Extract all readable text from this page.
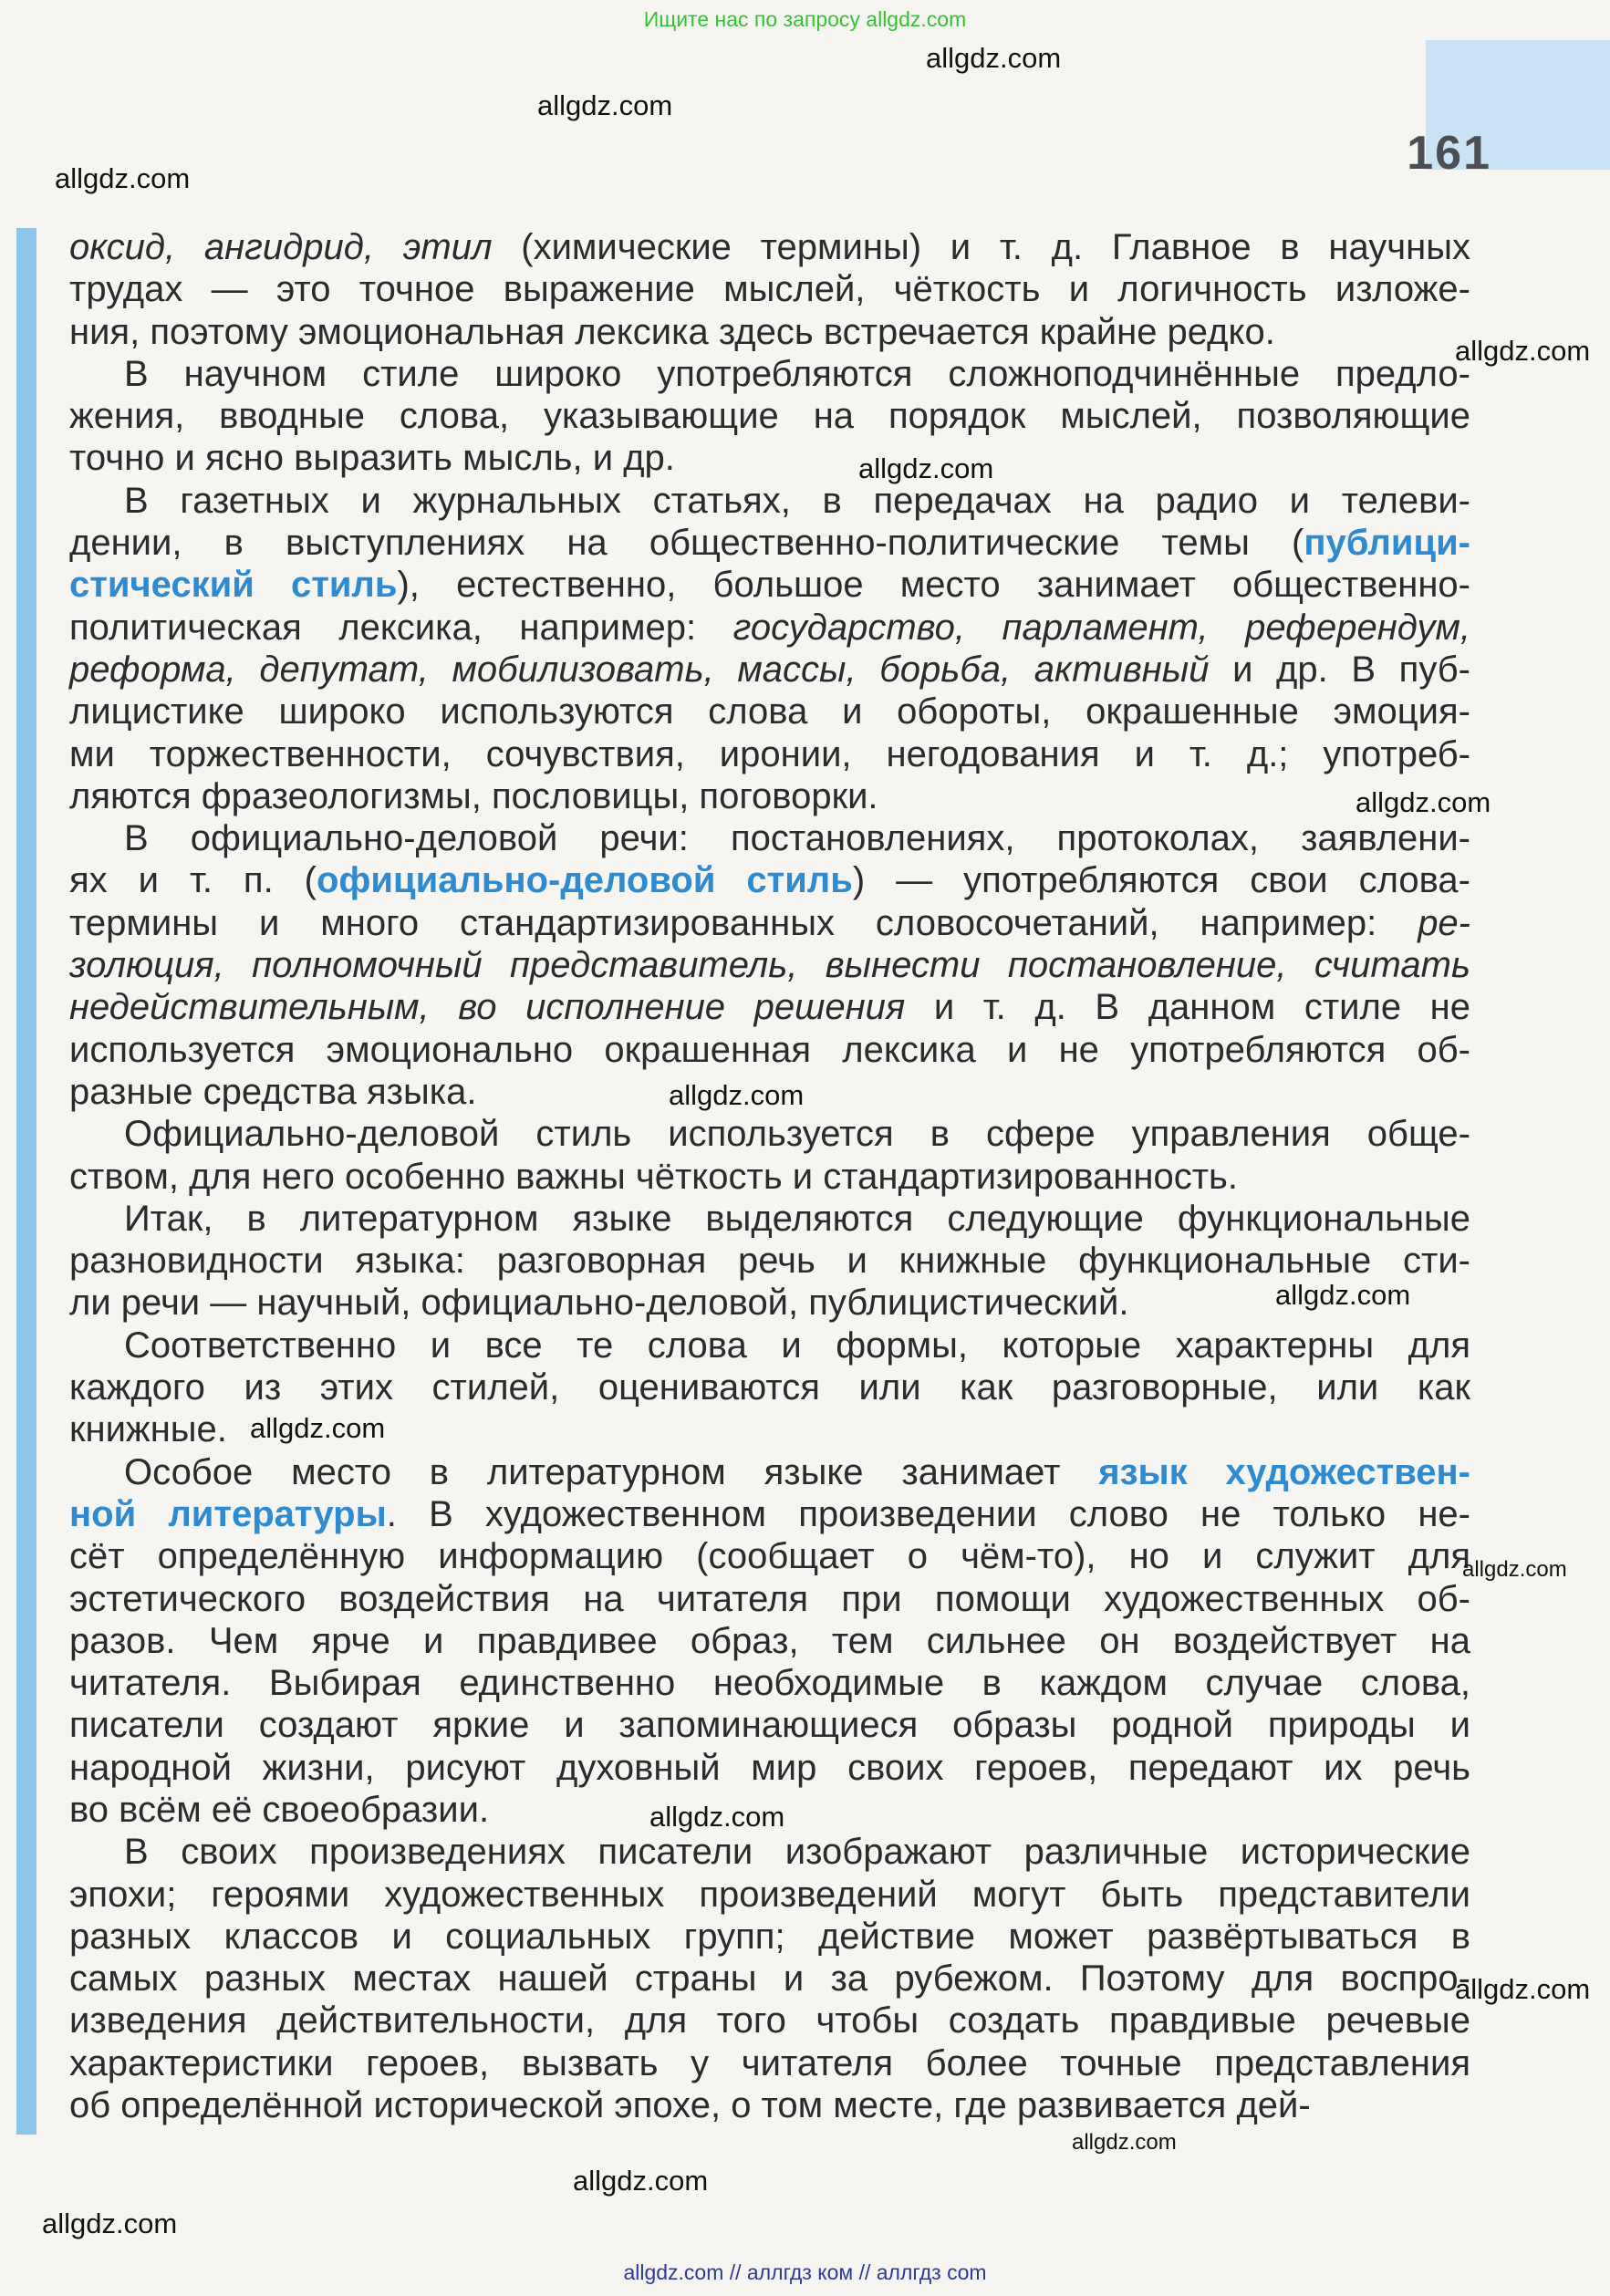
Ищите нас по запросу allgdz.com
161
оксид, ангидрид, этил (химические термины) и т. д. Главное в научных
трудах — это точное выражение мыслей, чёткость и логичность изложе-
ния, поэтому эмоциональная лексика здесь встречается крайне редко.
В научном стиле широко употребляются сложноподчинённые предло-
жения, вводные слова, указывающие на порядок мыслей, позволяющие
точно и ясно выразить мысль, и др.
В газетных и журнальных статьях, в передачах на радио и телеви-
дении, в выступлениях на общественно-политические темы (публици-
стический стиль), естественно, большое место занимает общественно-
политическая лексика, например: государство, парламент, референдум,
реформа, депутат, мобилизовать, массы, борьба, активный и др. В пуб-
лицистике широко используются слова и обороты, окрашенные эмоция-
ми торжественности, сочувствия, иронии, негодования и т. д.; употреб-
ляются фразеологизмы, пословицы, поговорки.
В официально-деловой речи: постановлениях, протоколах, заявлени-
ях и т. п. (официально-деловой стиль) — употребляются свои слова-
термины и много стандартизированных словосочетаний, например: ре-
золюция, полномочный представитель, вынести постановление, считать
недействительным, во исполнение решения и т. д. В данном стиле не
используется эмоционально окрашенная лексика и не употребляются об-
разные средства языка.
Официально-деловой стиль используется в сфере управления обще-
ством, для него особенно важны чёткость и стандартизированность.
Итак, в литературном языке выделяются следующие функциональные
разновидности языка: разговорная речь и книжные функциональные сти-
ли речи — научный, официально-деловой, публицистический.
Соответственно и все те слова и формы, которые характерны для
каждого из этих стилей, оцениваются или как разговорные, или как
книжные.
Особое место в литературном языке занимает язык художествен-
ной литературы. В художественном произведении слово не только не-
сёт определённую информацию (сообщает о чём-то), но и служит для
эстетического воздействия на читателя при помощи художественных об-
разов. Чем ярче и правдивее образ, тем сильнее он воздействует на
читателя. Выбирая единственно необходимые в каждом случае слова,
писатели создают яркие и запоминающиеся образы родной природы и
народной жизни, рисуют духовный мир своих героев, передают их речь
во всём её своеобразии.
В своих произведениях писатели изображают различные исторические
эпохи; героями художественных произведений могут быть представители
разных классов и социальных групп; действие может развёртываться в
самых разных местах нашей страны и за рубежом. Поэтому для воспро-
изведения действительности, для того чтобы создать правдивые речевые
характеристики героев, вызвать у читателя более точные представления
об определённой исторической эпохе, о том месте, где развивается дей-
allgdz.com
allgdz.com
allgdz.com
allgdz.com
allgdz.com
allgdz.com
allgdz.com
allgdz.com
allgdz.com
allgdz.com
allgdz.com
allgdz.com
allgdz.com
allgdz.com
allgdz.com
allgdz.com // аллгдз ком // аллгдз com
